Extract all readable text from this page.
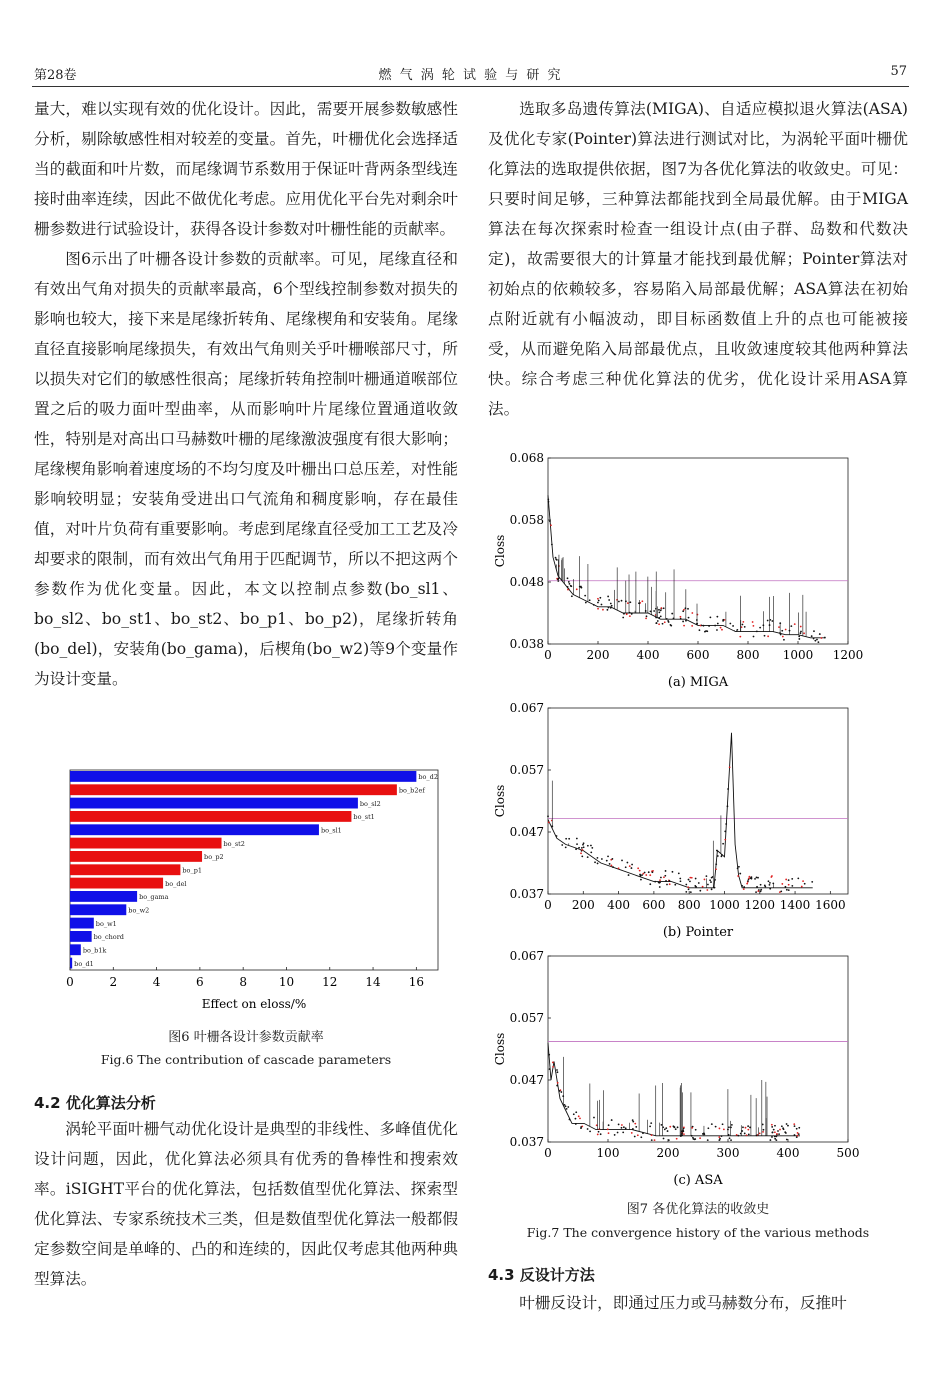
第28卷	燃 气 涡 轮 试 验 与 研 究	57

量大，难以实现有效的优化设计。因此，需要开展参数敏感性分析，剔除敏感性相对较差的变量。首先，叶栅优化会选择适当的截面和叶片数，而尾缘调节系数用于保证叶背两条型线连接时曲率连续，因此不做优化考虑。应用优化平台先对剩余叶栅参数进行试验设计，获得各设计参数对叶栅性能的贡献率。

图6示出了叶栅各设计参数的贡献率。可见，尾缘直径和有效出气角对损失的贡献率最高，6个型线控制参数对损失的影响也较大，接下来是尾缘折转角、尾缘楔角和安装角。尾缘直径直接影响尾缘损失，有效出气角则关乎叶栅喉部尺寸，所以损失对它们的敏感性很高；尾缘折转角控制叶栅通道喉部位置之后的吸力面叶型曲率，从而影响叶片尾缘位置通道收敛性，特别是对高出口马赫数叶栅的尾缘激波强度有很大影响；尾缘楔角影响着速度场的不均匀度及叶栅出口总压差，对性能影响较明显；安装角受进出口气流角和稠度影响，存在最佳值，对叶片负荷有重要影响。考虑到尾缘直径受加工工艺及冷却要求的限制，而有效出气角用于匹配调节，所以不把这两个参数作为优化变量。因此，本文以控制点参数(bo_sl1、bo_sl2、bo_st1、bo_st2、bo_p1、bo_p2)，尾缘折转角(bo_del)，安装角(bo_gama)，后楔角(bo_w2)等9个变量作为设计变量。

bo_d2
bo_b2ef
bo_sl2
bo_st1
bo_sl1
bo_st2
bo_p2
bo_p1
bo_del
bo_gama
bo_w2
bo_w1
bo_chord
bo_b1k
bo_d1
0	2	4	6	8	10 12 14 16
Effect on eloss/%
图6 叶栅各设计参数贡献率
Fig.6 The contribution of cascade parameters
4.2 优化算法分析
涡轮平面叶栅气动优化设计是典型的非线性、多峰值优化设计问题，因此，优化算法必须具有优秀的鲁棒性和搜索效率。iSIGHT平台的优化算法，包括数值型优化算法、探索型优化算法、专家系统技术三类，但是数值型优化算法一般都假定参数空间是单峰的、凸的和连续的，因此仅考虑其他两种典型算法。

选取多岛遗传算法(MIGA)、自适应模拟退火算法(ASA)及优化专家(Pointer)算法进行测试对比，为涡轮平面叶栅优化算法的选取提供依据，图7为各优化算法的收敛史。可见：只要时间足够，三种算法都能找到全局最优解。由于MIGA算法在每次探索时检查一组设计点(由子群、岛数和代数决定)，故需要很大的计算量才能找到最优解；Pointer算法对初始点的依赖较多，容易陷入局部最优解；ASA算法在初始点附近就有小幅波动，即目标函数值上升的点也可能被接受，从而避免陷入局部最优点，且收敛速度较其他两种算法快。综合考虑三种优化算法的优劣，优化设计采用ASA算法。

0	200 400 600 800 1000 1200
0.038
0.048
0.058
0.068
Closs
(a) MIGA
0 200 400 600 800 1000 1200 1400 1600
0.037
0.047
0.057
0.067
Closs
(b) Pointer
0	100	200	300	400	500
0.037
0.047
0.057
0.067
Closs
(c) ASA
图7 各优化算法的收敛史
Fig.7 The convergence history of the various methods
4.3 反设计方法
叶栅反设计，即通过压力或马赫数分布，反推叶
